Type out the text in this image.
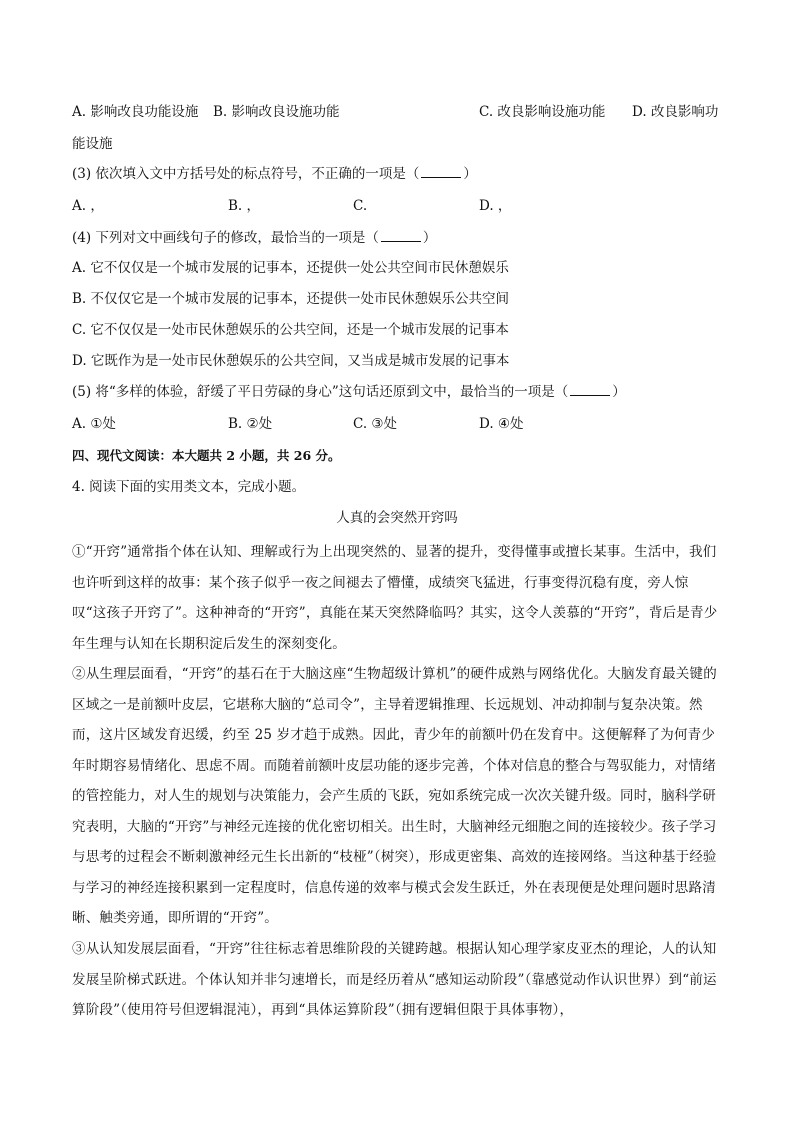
A. 影响改良功能设施 B. 影响改良设施功能	C. 改良影响设施功能 D. 改良影响功
能设施
(3) 依次填入文中方括号处的标点符号，不正确的一项是（	）
A. ，	B. ，	C.	D. ，
(4) 下列对文中画线句子的修改，最恰当的一项是（	）
A. 它不仅仅是一个城市发展的记事本，还提供一处公共空间市民休憩娱乐
B. 不仅仅它是一个城市发展的记事本，还提供一处市民休憩娱乐公共空间
C. 它不仅仅是一处市民休憩娱乐的公共空间，还是一个城市发展的记事本
D. 它既作为是一处市民休憩娱乐的公共空间，又当成是城市发展的记事本
(5) 将“多样的体验，舒缓了平日劳碌的身心”这句话还原到文中，最恰当的一项是（	）
A. ①处	B. ②处	C. ③处	D. ④处
四、现代文阅读：本大题共 2 小题，共 26 分。
4. 阅读下面的实用类文本，完成小题。
人真的会突然开窍吗
①“开窍”通常指个体在认知、理解或行为上出现突然的、显著的提升，变得懂事或擅长某事。生活中，我们也许听到这样的故事：某个孩子似乎一夜之间褪去了懵懂，成绩突飞猛进，行事变得沉稳有度，旁人惊叹“这孩子开窍了”。这种神奇的“开窍”，真能在某天突然降临吗？其实，这令人羡慕的“开窍”，背后是青少年生理与认知在长期积淀后发生的深刻变化。
②从生理层面看，“开窍”的基石在于大脑这座“生物超级计算机”的硬件成熟与网络优化。大脑发育最关键的区域之一是前额叶皮层，它堪称大脑的“总司令”，主导着逻辑推理、长远规划、冲动抑制与复杂决策。然而，这片区域发育迟缓，约至 25 岁才趋于成熟。因此，青少年的前额叶仍在发育中。这便解释了为何青少年时期容易情绪化、思虑不周。而随着前额叶皮层功能的逐步完善，个体对信息的整合与驾驭能力，对情绪的管控能力，对人生的规划与决策能力，会产生质的飞跃，宛如系统完成一次次关键升级。同时，脑科学研究表明，大脑的“开窍”与神经元连接的优化密切相关。出生时，大脑神经元细胞之间的连接较少。孩子学习与思考的过程会不断刺激神经元生长出新的“枝桠”（树突），形成更密集、高效的连接网络。当这种基于经验与学习的神经连接积累到一定程度时，信息传递的效率与模式会发生跃迁，外在表现便是处理问题时思路清晰、触类旁通，即所谓的“开窍”。
③从认知发展层面看，“开窍”往往标志着思维阶段的关键跨越。根据认知心理学家皮亚杰的理论，人的认知发展呈阶梯式跃进。个体认知并非匀速增长，而是经历着从“感知运动阶段”（靠感觉动作认识世界）到“前运算阶段”（使用符号但逻辑混沌），再到“具体运算阶段”（拥有逻辑但限于具体事物），
